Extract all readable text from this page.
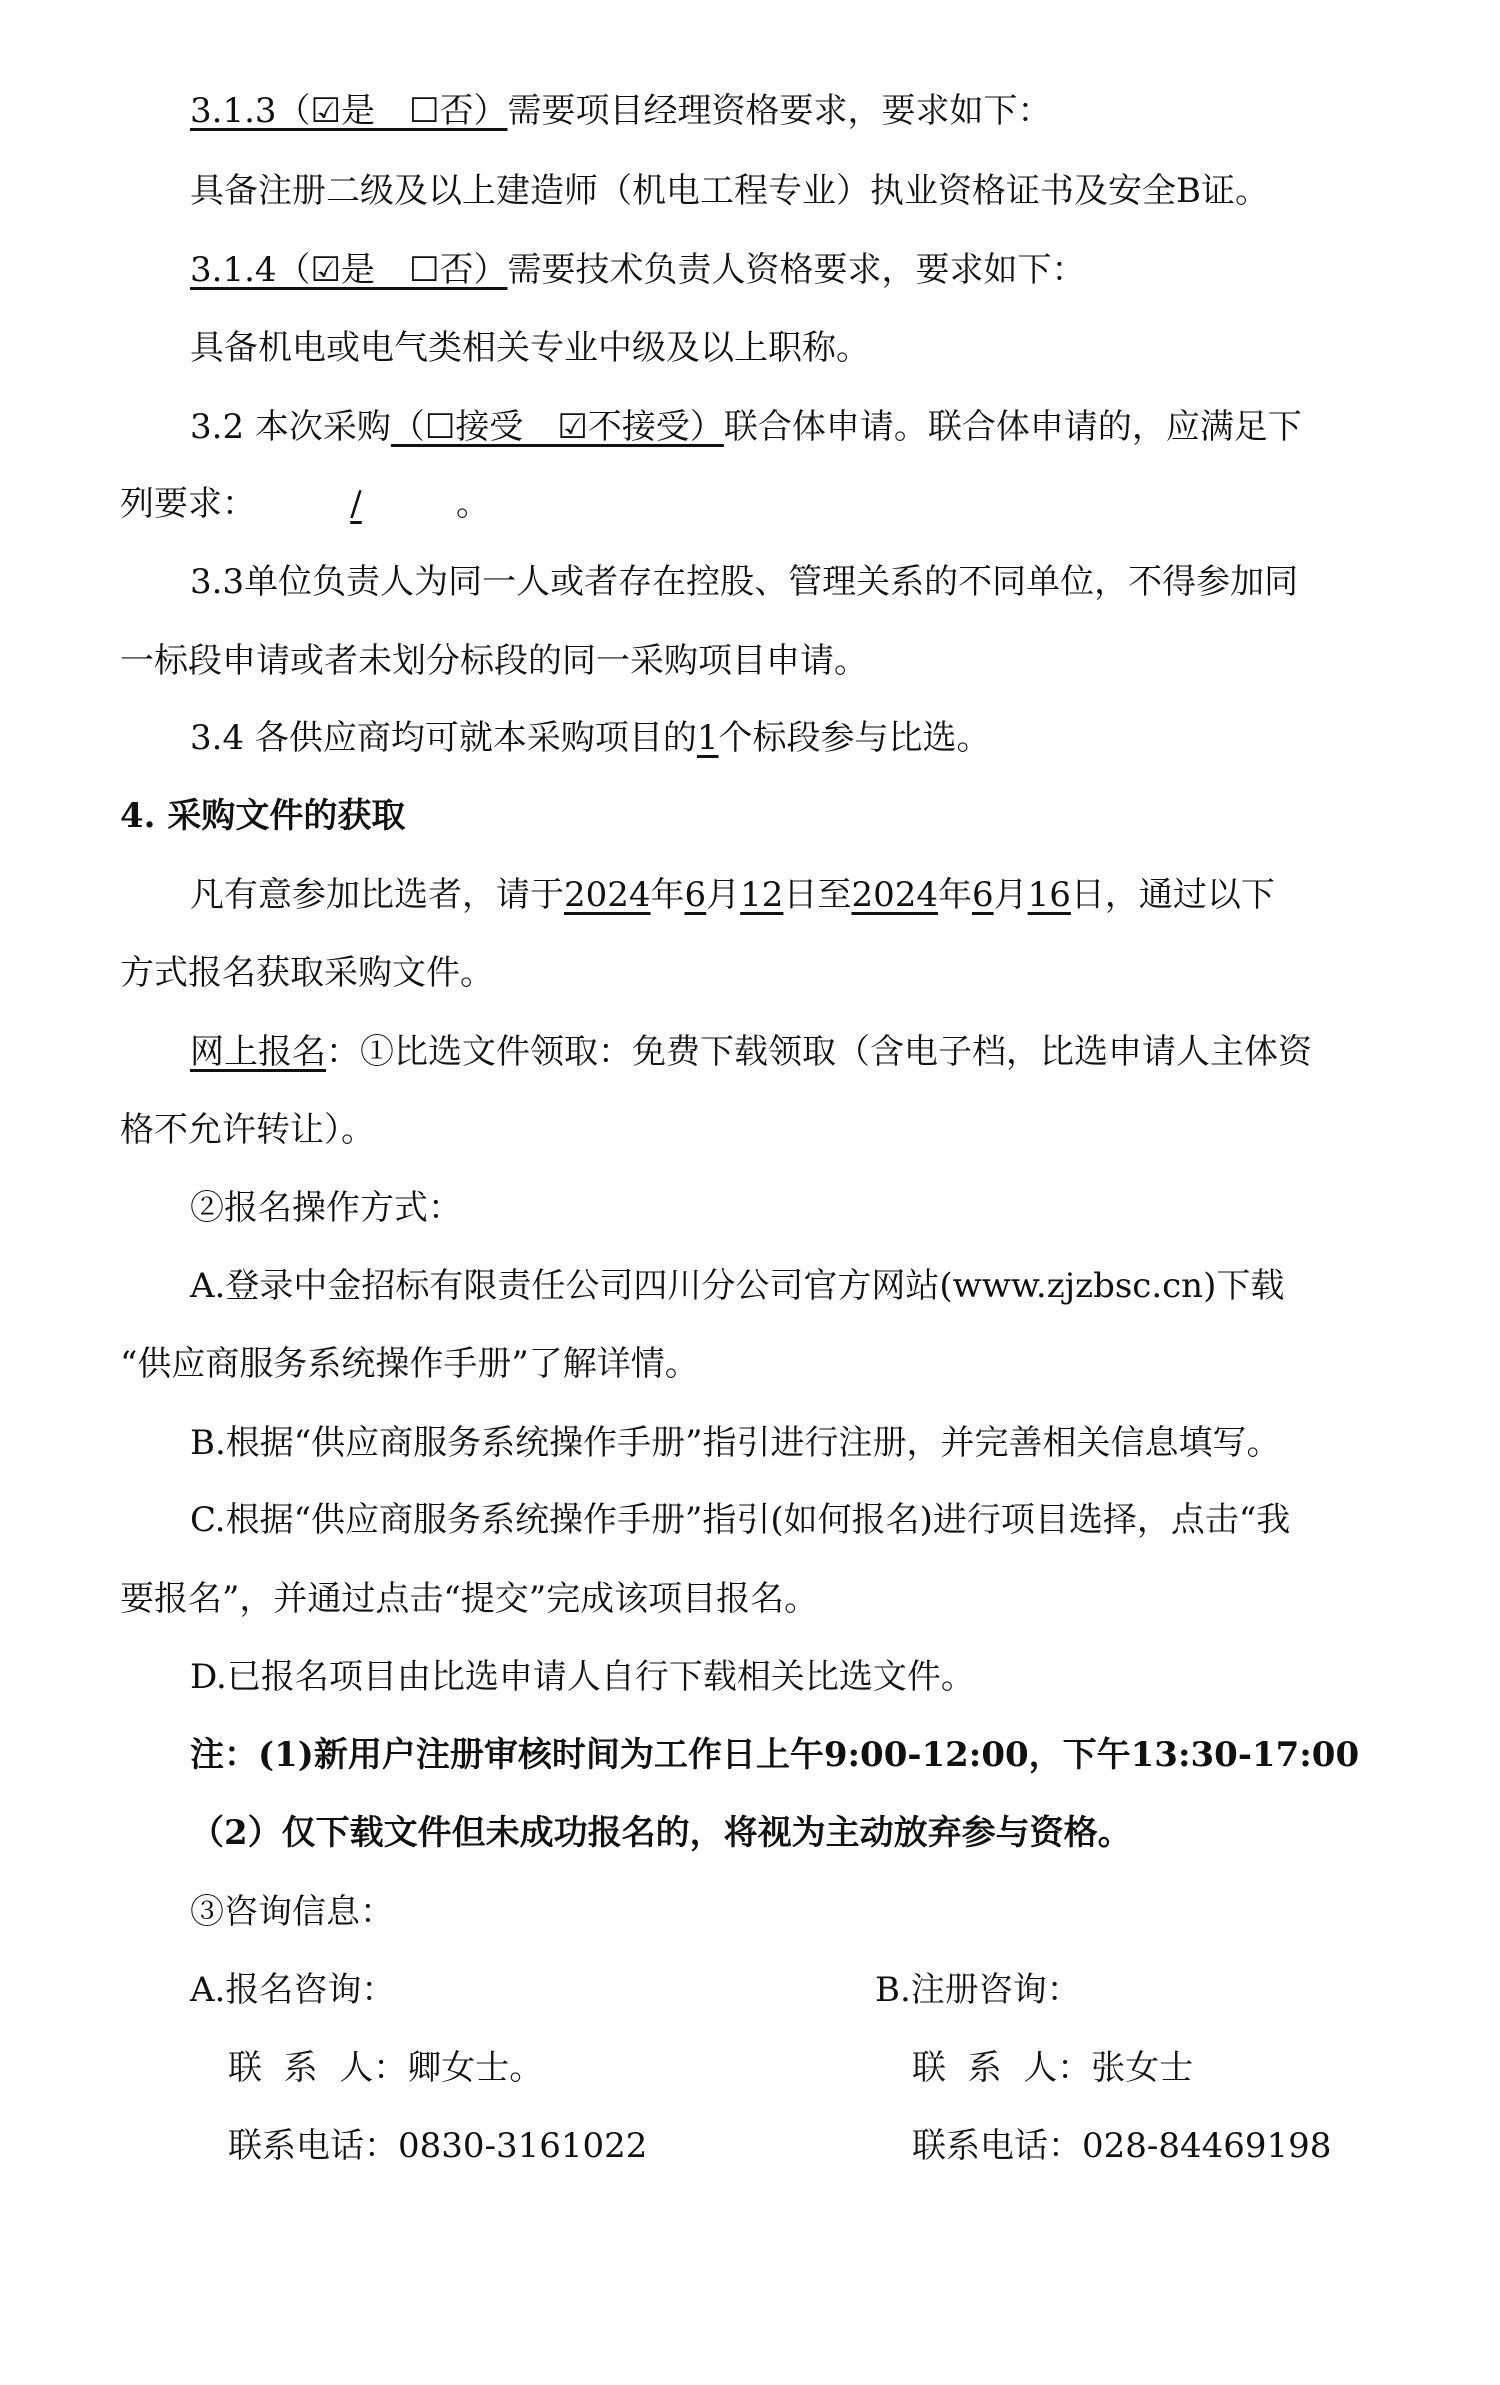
3.1.3（☑是　☐否）需要项目经理资格要求，要求如下：
具备注册二级及以上建造师（机电工程专业）执业资格证书及安全B证。
3.1.4（☑是　☐否）需要技术负责人资格要求，要求如下：
具备机电或电气类相关专业中级及以上职称。
3.2 本次采购（☐接受　☑不接受）联合体申请。联合体申请的，应满足下
列要求：	/	。
3.3单位负责人为同一人或者存在控股、管理关系的不同单位，不得参加同
一标段申请或者未划分标段的同一采购项目申请。
3.4 各供应商均可就本采购项目的1个标段参与比选。
4. 采购文件的获取
凡有意参加比选者，请于2024年6月12日至2024年6月16日，通过以下
方式报名获取采购文件。
网上报名：①比选文件领取：免费下载领取（含电子档，比选申请人主体资
格不允许转让）。
②报名操作方式：
A.登录中金招标有限责任公司四川分公司官方网站(www.zjzbsc.cn)下载
“供应商服务系统操作手册”了解详情。
B.根据“供应商服务系统操作手册”指引进行注册，并完善相关信息填写。
C.根据“供应商服务系统操作手册”指引(如何报名)进行项目选择，点击“我
要报名”，并通过点击“提交”完成该项目报名。
D.已报名项目由比选申请人自行下载相关比选文件。
注：(1)新用户注册审核时间为工作日上午9:00-12:00，下午13:30-17:00
（2）仅下载文件但未成功报名的，将视为主动放弃参与资格。
③咨询信息：
A.报名咨询：	B.注册咨询：
联  系  人：卿女士。	联  系  人：张女士
联系电话：0830-3161022	联系电话：028-84469198
